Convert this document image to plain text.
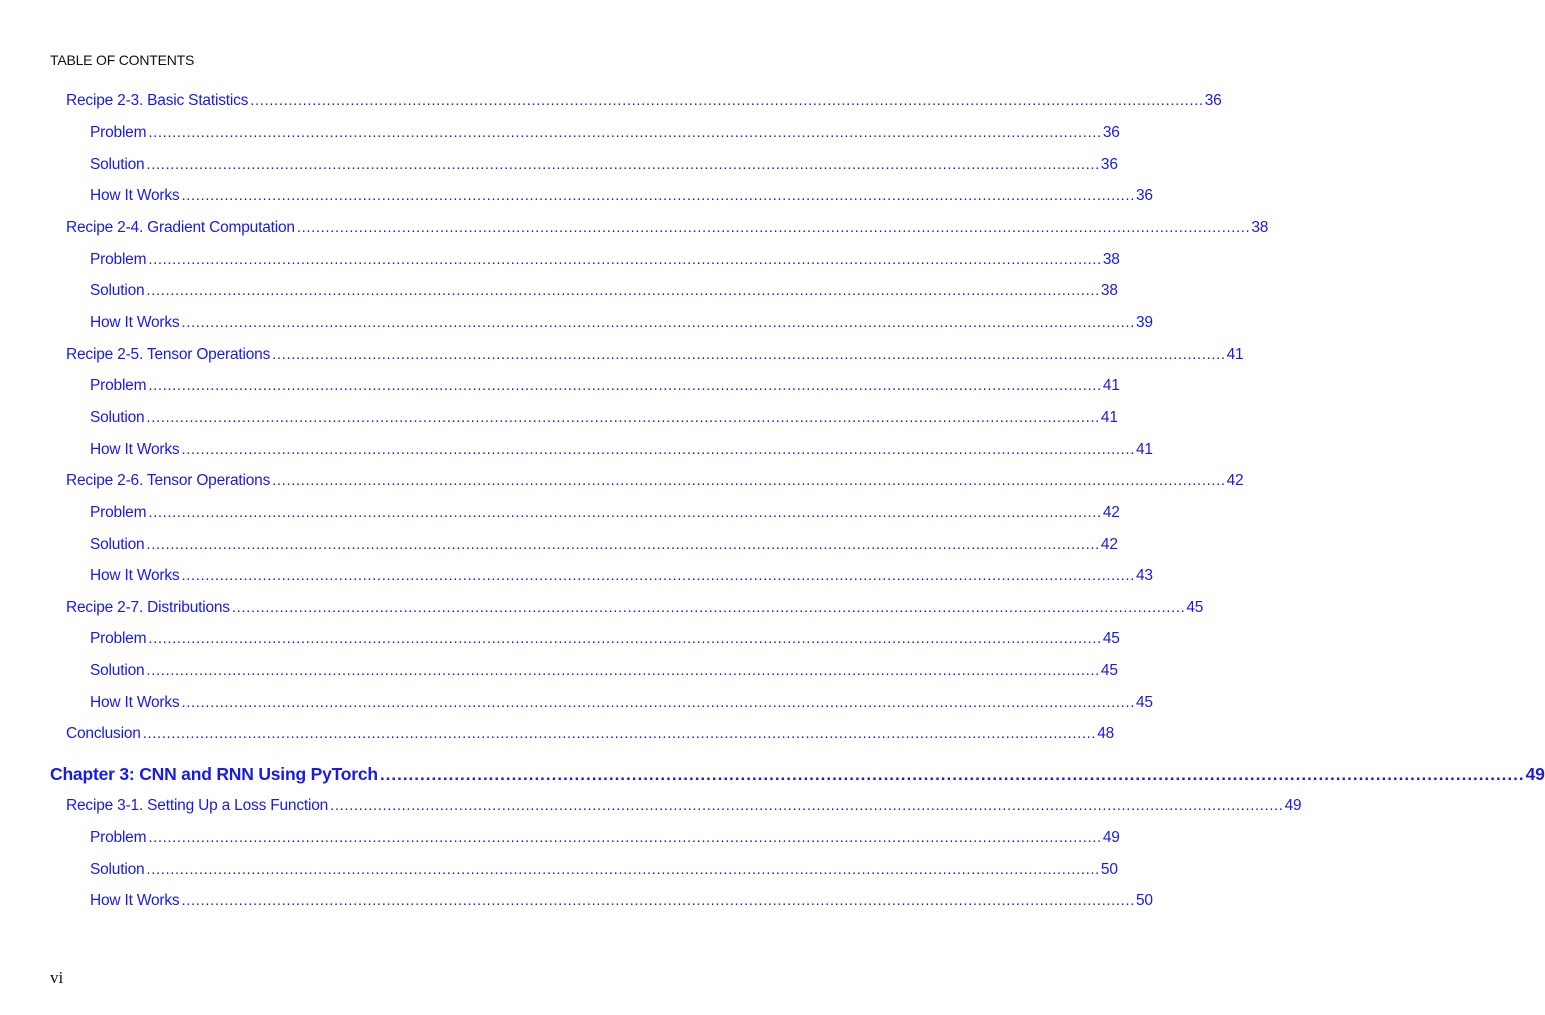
TABLE OF CONTENTS
Recipe 2-3. Basic Statistics ........................................................................................................................................................................................................ 36
Problem ........................................................................................................................................................................................................ 36
Solution ........................................................................................................................................................................................................ 36
How It Works ........................................................................................................................................................................................................ 36
Recipe 2-4. Gradient Computation ........................................................................................................................................................................................................ 38
Problem ........................................................................................................................................................................................................ 38
Solution ........................................................................................................................................................................................................ 38
How It Works ........................................................................................................................................................................................................ 39
Recipe 2-5. Tensor Operations ........................................................................................................................................................................................................ 41
Problem ........................................................................................................................................................................................................ 41
Solution ........................................................................................................................................................................................................ 41
How It Works ........................................................................................................................................................................................................ 41
Recipe 2-6. Tensor Operations ........................................................................................................................................................................................................ 42
Problem ........................................................................................................................................................................................................ 42
Solution ........................................................................................................................................................................................................ 42
How It Works ........................................................................................................................................................................................................ 43
Recipe 2-7. Distributions ........................................................................................................................................................................................................ 45
Problem ........................................................................................................................................................................................................ 45
Solution ........................................................................................................................................................................................................ 45
How It Works ........................................................................................................................................................................................................ 45
Conclusion ........................................................................................................................................................................................................ 48
Chapter 3: CNN and RNN Using PyTorch ........................................................................................................................................................................................................ 49
Recipe 3-1. Setting Up a Loss Function ........................................................................................................................................................................................................ 49
Problem ........................................................................................................................................................................................................ 49
Solution ........................................................................................................................................................................................................ 50
How It Works ........................................................................................................................................................................................................ 50
vi
